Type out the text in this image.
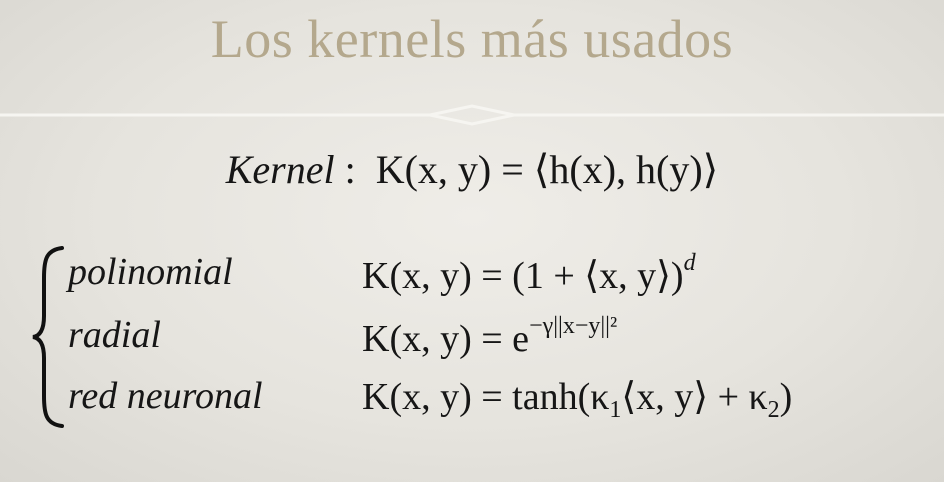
Los kernels más usados
Kernel :  K(x, y) = ⟨h(x), h(y)⟩
polinomial	K(x, y) = (1 + ⟨x, y⟩)$^d$
radial	K(x, $y) = e^{-\gamma||x-y||^2}$
red neuronal	K(x, $y) = \tanh(\kappa_1⟨x$, y⟩ + $\kappa_2$)
